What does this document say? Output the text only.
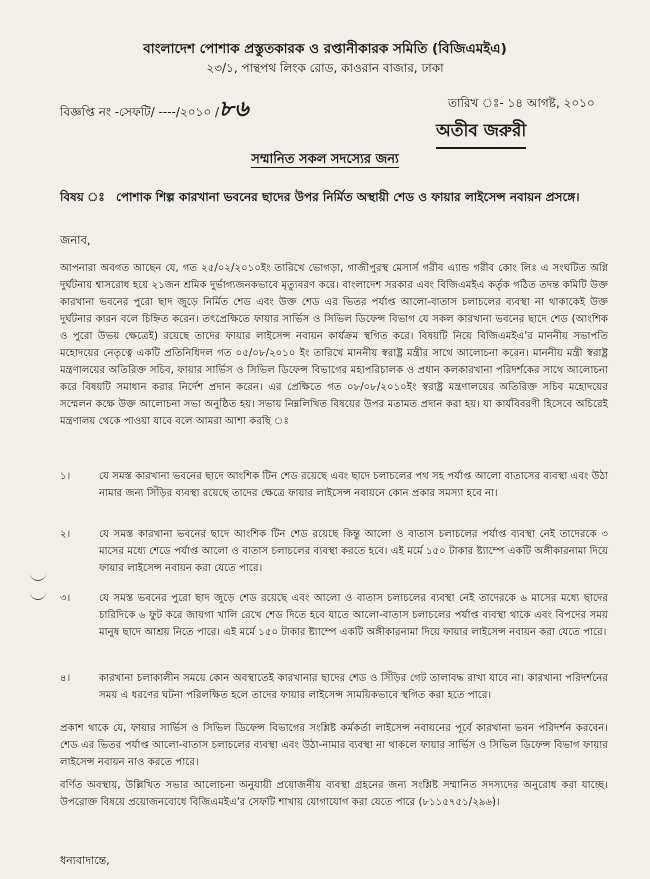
বাংলাদেশ পোশাক প্রস্তুতকারক ও রপ্তানীকারক সমিতি (বিজিএমইএ)
২৩/১, পান্থপথ লিংক রোড, কাওরান বাজার, ঢাকা
বিজ্ঞপ্তি নং -সেফটি/ ----/২০১০ /৮৬	তারিখ ঃ- ১৪ আগষ্ট, ২০১০
অতীব জরুরী
সম্মানিত সকল সদস্যের জন্য
বিষয় ঃ পোশাক শিল্প কারখানা ভবনের ছাদের উপর নির্মিত অস্থায়ী শেড ও ফায়ার লাইসেন্স নবায়ন প্রসঙ্গে।
জনাব,
আপনারা অবগত আছেন যে, গত ২৫/০২/২০১০ইং তারিখে ভোগড়া, গাজীপুরস্থ মেসার্স গরীব এ্যান্ড গরীব কোং লিঃ এ সংঘটিত অগ্নি দুর্ঘটনায় শ্বাসরোধ হয়ে ২১জন শ্রমিক দুর্ভাগ্যজনকভাবে মৃত্যুবরণ করে। বাংলাদেশ সরকার এবং বিজিএমইএ কর্তৃক গঠিত তদন্ত কমিটি উক্ত কারখানা ভবনের পুরো ছাদ জুড়ে নির্মিত শেড এবং উক্ত শেড এর ভিতর পর্যাপ্ত আলো-বাতাস চলাচলের ব্যবস্থা না থাকাকেই উক্ত দুর্ঘটনার কারন বলে চিহ্নিত করেন। তৎপ্রেক্ষিতে ফায়ার সার্ভিস ও সিভিল ডিফেন্স বিভাগ যে সকল কারখানা ভবনের ছাদে শেড (আংশিক ও পুরো উভয় ক্ষেত্রেই) রয়েছে তাদের ফায়ার লাইসেন্স নবায়ন কার্যক্রম স্থগিত করে। বিষয়টি নিয়ে বিজিএমইএ'র মাননীয় সভাপতি মহোদয়ের নেতৃত্বে একটি প্রতিনিধিদল গত ০৫/০৮/২০১০ ইং তারিখে মাননীয় স্বরাষ্ট্র মন্ত্রীর সাথে আলোচনা করেন। মাননীয় মন্ত্রী স্বরাষ্ট্র মন্ত্রণালয়ের অতিরিক্ত সচিব, ফায়ার সার্ভিস ও সিভিল ডিফেন্স বিভাগের মহাপরিচালক ও প্রধান কলকারখানা পরিদর্শকের সাথে আলোচনা করে বিষয়টি সমাধান করার নির্দেশ প্রদান করেন। এর প্রেক্ষিতে গত ০৮/০৮/২০১০ইং স্বরাষ্ট্র মন্ত্রণালয়ের অতিরিক্ত সচিব মহোদয়ের সম্মেলন কক্ষে উক্ত আলোচনা সভা অনুষ্ঠিত হয়। সভায় নিম্নলিখিত বিষয়ের উপর মতামত প্রদান করা হয়। যা কার্যবিবরণী হিসেবে অচিরেই মন্ত্রণালয় থেকে পাওয়া যাবে বলে আমরা আশা করছি ঃ
১।	যে সমস্ত কারখানা ভবনের ছাদে আংশিক টিন শেড রয়েছে এবং ছাদে চলাচলের পথ সহ পর্যাপ্ত আলো বাতাসের ব্যবস্থা এবং উঠা নামার জন্য সিঁড়ির ব্যবস্থা রয়েছে তাদের ক্ষেত্রে ফায়ার লাইসেন্স নবায়নে কোন প্রকার সমস্যা হবে না।
২।	যে সমস্ত কারখানা ভবনের ছাদে আংশিক টিন শেড রয়েছে কিন্তু আলো ও বাতাস চলাচলের পর্যাপ্ত ব্যবস্থা নেই তাদেরকে ৩ মাসের মধ্যে শেডে পর্যাপ্ত আলো ও বাতাস চলাচলের ব্যবস্থা করতে হবে। এই মর্মে ১৫০ টাকার ষ্ট্যাম্পে একটি অঙ্গীকারনামা দিয়ে ফায়ার লাইসেন্স নবায়ন করা যেতে পারে।
৩।	যে সমস্ত ভবনের পুরো ছাদ জুড়ে শেড রয়েছে এবং আলো ও বাতাস চলাচলের ব্যবস্থা নেই তাদেরকে ৬ মাসের মধ্যে ছাদের চারিদিকে ৬ ফুট করে জায়গা খালি রেখে শেড দিতে হবে যাতে আলো-বাতাস চলাচলের পর্যাপ্ত ব্যবস্থা থাকে এবং বিপদের সময় মানুষ ছাদে আশ্রয় নিতে পারে। এই মর্মে ১৫০ টাকার ষ্ট্যাম্পে একটি অঙ্গীকারনামা দিয়ে ফায়ার লাইসেন্স নবায়ন করা যেতে পারে।
৪।	কারখানা চলাকালীন সময়ে কোন অবস্থাতেই কারখানার ছাদের শেড ও সিঁড়ির গেট তালাবদ্ধ রাখা যাবে না। কারখানা পরিদর্শনের সময় এ ধরণের ঘটনা পরিলক্ষিত হলে তাদের ফায়ার লাইসেন্স সাময়িকভাবে স্থগিত করা হতে পারে।
প্রকাশ থাকে যে, ফায়ার সার্ভিস ও সিভিল ডিফেন্স বিভাগের সংশ্লিষ্ট কর্মকর্তা লাইসেন্স নবায়নের পূর্বে কারখানা ভবন পরিদর্শন করবেন। শেড এর ভিতর পর্যাপ্ত আলো-বাতাস চলাচলের ব্যবস্থা এবং উঠা-নামার ব্যবস্থা না থাকলে ফায়ার সার্ভিস ও সিভিল ডিফেন্স বিভাগ ফায়ার লাইসেন্স নবায়ন নাও করতে পারে।
বর্ণিত অবস্থায়, উল্লিখিত সভার আলোচনা অনুযায়ী প্রয়োজনীয় ব্যবস্থা গ্রহনের জন্য সংশ্লিষ্ট সম্মানিত সদস্যদের অনুরোধ করা যাচ্ছে। উপরোক্ত বিষয়ে প্রয়োজনবোধে বিজিএমইএ'র সেফটি শাখায় যোগাযোগ করা যেতে পারে (৮১১৫৭৫১/২৯৬)।
ধন্যবাদান্তে,
